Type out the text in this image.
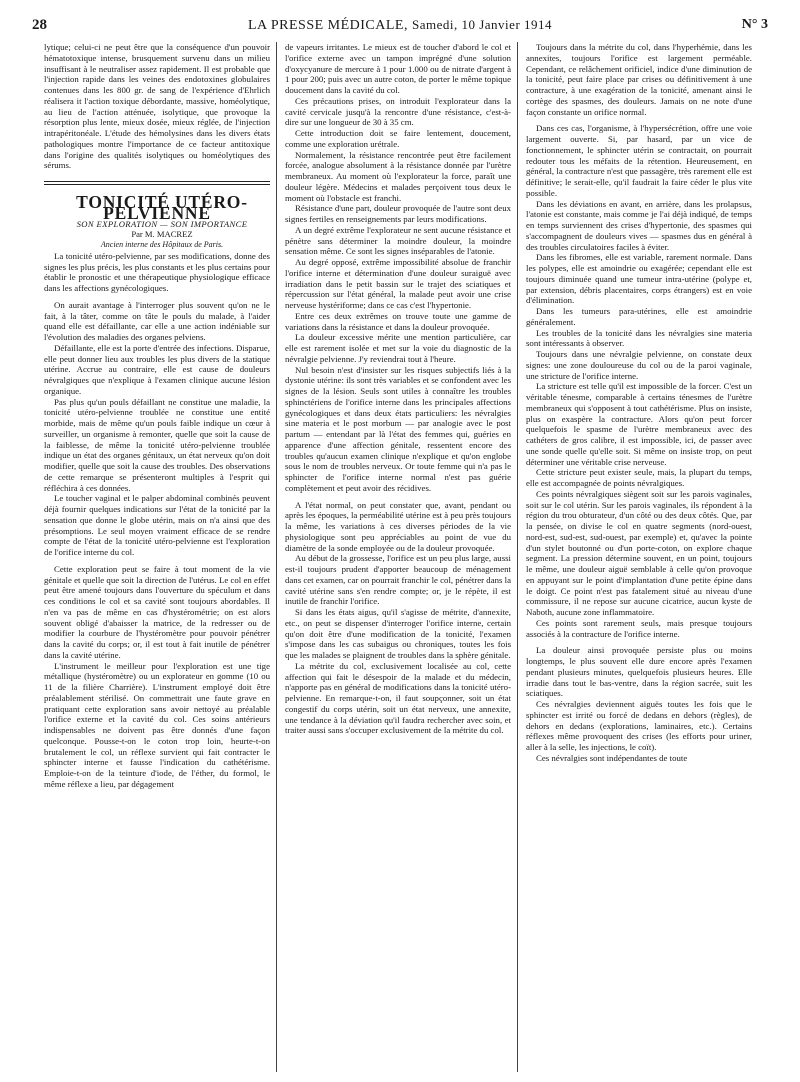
28	LA PRESSE MÉDICALE, Samedi, 10 Janvier 1914	N° 3

lytique; celui-ci ne peut être que la conséquence d'un pouvoir hématotoxique intense, brusquement survenu dans un milieu insuffisant à le neutraliser assez rapidement. Il est probable que l'injection rapide dans les veines des endotoxines globulaires contenues dans les 800 gr. de sang de l'expérience d'Ehrlich réalisera it l'action toxique débordante, massive, homéolytique, au lieu de l'action atténuée, isolytique, que provoque la résorption plus lente, mieux dosée, mieux réglée, de l'injection intrapéritonéale. L'étude des hémolysines dans les divers états pathologiques montre l'importance de ce facteur antitoxique dans l'origine des qualités isolytiques ou homéolytiques des sérums.

TONICITÉ UTÉRO-PELVIENNE

SON EXPLORATION — SON IMPORTANCE

Par M. MACREZ

Ancien interne des Hôpitaux de Paris.

La tonicité utéro-pelvienne, par ses modifications, donne des signes les plus précis, les plus constants et les plus certains pour établir le pronostic et une thérapeutique physiologique efficace dans les affections gynécologiques.

On aurait avantage à l'interroger plus souvent qu'on ne le fait, à la tâter, comme on tâte le pouls du malade, à l'aider quand elle est défaillante, car elle a une action indéniable sur l'évolution des maladies des organes pelviens.

Défaillante, elle est la porte d'entrée des infections. Disparue, elle peut donner lieu aux troubles les plus divers de la statique utérine. Accrue au contraire, elle est cause de douleurs névralgiques que n'explique à l'examen clinique aucune lésion organique.

Pas plus qu'un pouls défaillant ne constitue une maladie, la tonicité utéro-pelvienne troublée ne constitue une entité morbide, mais de même qu'un pouls faible indique un cœur à surveiller, un organisme à remonter, quelle que soit la cause de la faiblesse, de même la tonicité utéro-pelvienne troublée indique un état des organes génitaux, un état nerveux qu'on doit modifier, quelle que soit la cause des troubles. Des observations de cette remarque se présenteront multiples à l'esprit qui réfléchira à ces données.

Le toucher vaginal et le palper abdominal combinés peuvent déjà fournir quelques indications sur l'état de la tonicité par la sensation que donne le globe utérin, mais on n'a ainsi que des présomptions. Le seul moyen vraiment efficace de se rendre compte de l'état de la tonicité utéro-pelvienne est l'exploration de l'orifice interne du col.

Cette exploration peut se faire à tout moment de la vie génitale et quelle que soit la direction de l'utérus. Le col en effet peut être amené toujours dans l'ouverture du spéculum et dans ces conditions le col et sa cavité sont toujours abordables. Il n'en va pas de même en cas d'hystérométrie; on est alors souvent obligé d'abaisser la matrice, de la redresser ou de modifier la courbure de l'hystéromètre pour pouvoir pénétrer dans la cavité du corps; or, il est tout à fait inutile de pénétrer dans la cavité utérine.

L'instrument le meilleur pour l'exploration est une tige métallique (hystéromètre) ou un explorateur en gomme (10 ou 11 de la filière Charrière). L'instrument employé doit être préalablement stérilisé. On commettrait une faute grave en pratiquant cette exploration sans avoir nettoyé au préalable l'orifice externe et la cavité du col. Ces soins antérieurs indispensables ne doivent pas être donnés d'une façon quelconque. Pousse-t-on le coton trop loin, heurte-t-on brutalement le col, un réflexe survient qui fait contracter le sphincter interne et fausse l'indication du cathétérisme. Emploie-t-on de la teinture d'iode, de l'éther, du formol, le même réflexe a lieu, par dégagement

de vapeurs irritantes. Le mieux est de toucher d'abord le col et l'orifice externe avec un tampon imprégné d'une solution d'oxycyanure de mercure à 1 pour 1.000 ou de nitrate d'argent à 1 pour 200; puis avec un autre coton, de porter le même topique doucement dans la cavité du col.

Ces précautions prises, on introduit l'explorateur dans la cavité cervicale jusqu'à la rencontre d'une résistance, c'est-à-dire sur une longueur de 30 à 35 cm.

Cette introduction doit se faire lentement, doucement, comme une exploration urétrale.

Normalement, la résistance rencontrée peut être facilement forcée, analogue absolument à la résistance donnée par l'urètre membraneux. Au moment où l'explorateur la force, paraît une douleur légère. Médecins et malades perçoivent tous deux le moment où l'obstacle est franchi.

Résistance d'une part, douleur provoquée de l'autre sont deux signes fertiles en renseignements par leurs modifications.

A un degré extrême l'explorateur ne sent aucune résistance et pénètre sans déterminer la moindre douleur, la moindre sensation même. Ce sont les signes inséparables de l'atonie.

Au degré opposé, extrême impossibilité absolue de franchir l'orifice interne et détermination d'une douleur suraiguë avec irradiation dans le petit bassin sur le trajet des sciatiques et répercussion sur l'état général, la malade peut avoir une crise nerveuse hystériforme; dans ce cas c'est l'hypertonie.

Entre ces deux extrêmes on trouve toute une gamme de variations dans la résistance et dans la douleur provoquée.

La douleur excessive mérite une mention particulière, car elle est rarement isolée et met sur la voie du diagnostic de la névralgie pelvienne. J'y reviendrai tout à l'heure.

Nul besoin n'est d'insister sur les risques subjectifs liés à la dystonie utérine: ils sont très variables et se confondent avec les signes de la lésion. Seuls sont utiles à connaître les troubles sphinctériens de l'orifice interne dans les principales affections gynécologiques et dans deux états particuliers: les névralgies sine materia et le post morbum — par analogie avec le post partum — entendant par là l'état des femmes qui, guéries en apparence d'une affection génitale, ressentent encore des troubles qu'aucun examen clinique n'explique et qu'on englobe sous le nom de troubles nerveux. Or toute femme qui n'a pas le sphincter de l'orifice interne normal n'est pas guérie complètement et peut avoir des récidives.

A l'état normal, on peut constater que, avant, pendant ou après les époques, la perméabilité utérine est à peu près toujours la même, les variations à ces diverses périodes de la vie physiologique sont peu appréciables au point de vue du diamètre de la sonde employée ou de la douleur provoquée.

Au début de la grossesse, l'orifice est un peu plus large, aussi est-il toujours prudent d'apporter beaucoup de ménagement dans cet examen, car on pourrait franchir le col, pénétrer dans la cavité utérine sans s'en rendre compte; or, je le répète, il est inutile de franchir l'orifice.

Si dans les états aigus, qu'il s'agisse de métrite, d'annexite, etc., on peut se dispenser d'interroger l'orifice interne, certain qu'on doit être d'une modification de la tonicité, l'examen s'impose dans les cas subaigus ou chroniques, toutes les fois que les malades se plaignent de troubles dans la sphère génitale.

La métrite du col, exclusivement localisée au col, cette affection qui fait le désespoir de la malade et du médecin, n'apporte pas en général de modifications dans la tonicité utéro-pelvienne. En remarque-t-on, il faut soupçonner, soit un état congestif du corps utérin, soit un état nerveux, une annexite, une tendance à la déviation qu'il faudra rechercher avec soin, et traiter aussi sans s'occuper exclusivement de la métrite du col.

Toujours dans la métrite du col, dans l'hyperhémie, dans les annexites, toujours l'orifice est largement perméable. Cependant, ce relâchement orificiel, indice d'une diminution de la tonicité, peut faire place par crises ou définitivement à une contracture, à une exagération de la tonicité, amenant ainsi le cortège des spasmes, des douleurs. Jamais on ne note d'une façon constante un orifice normal.

Dans ces cas, l'organisme, à l'hypersécrétion, offre une voie largement ouverte. Si, par hasard, par un vice de fonctionnement, le sphincter utérin se contractait, on pourrait redouter tous les méfaits de la rétention. Heureusement, en général, la contracture n'est que passagère, très rarement elle est définitive; le serait-elle, qu'il faudrait la faire céder le plus vite possible.

Dans les déviations en avant, en arrière, dans les prolapsus, l'atonie est constante, mais comme je l'ai déjà indiqué, de temps en temps surviennent des crises d'hypertonie, des spasmes qui s'accompagnent de douleurs vives — spasmes dus en général à des troubles circulatoires faciles à éviter.

Dans les fibromes, elle est variable, rarement normale. Dans les polypes, elle est amoindrie ou exagérée; cependant elle est toujours diminuée quand une tumeur intra-utérine (polype et, par extension, débris placentaires, corps étrangers) est en voie d'élimination.

Dans les tumeurs para-utérines, elle est amoindrie généralement.

Les troubles de la tonicité dans les névralgies sine materia sont intéressants à observer.

Toujours dans une névralgie pelvienne, on constate deux signes: une zone douloureuse du col ou de la paroi vaginale, une stricture de l'orifice interne.

La stricture est telle qu'il est impossible de la forcer. C'est un véritable ténesme, comparable à certains ténesmes de l'urètre membraneux qui s'opposent à tout cathétérisme. Plus on insiste, plus on exaspère la contracture. Alors qu'on peut forcer quelquefois le spasme de l'urètre membraneux avec des cathéters de gros calibre, il est impossible, ici, de passer avec une sonde quelle qu'elle soit. Si même on insiste trop, on peut déterminer une véritable crise nerveuse.

Cette stricture peut exister seule, mais, la plupart du temps, elle est accompagnée de points névralgiques.

Ces points névralgiques siègent soit sur les parois vaginales, soit sur le col utérin. Sur les parois vaginales, ils répondent à la région du trou obturateur, d'un côté ou des deux côtés. Que, par la pensée, on divise le col en quatre segments (nord-ouest, nord-est, sud-est, sud-ouest, par exemple) et, qu'avec la pointe d'un stylet boutonné ou d'un porte-coton, on explore chaque segment. La pression détermine souvent, en un point, toujours le même, une douleur aiguë semblable à celle qu'on provoque en appuyant sur le point d'implantation d'une petite épine dans le doigt. Ce point n'est pas fatalement situé au niveau d'une commissure, il ne repose sur aucune cicatrice, aucun kyste de Naboth, aucune zone inflammatoire.

Ces points sont rarement seuls, mais presque toujours associés à la contracture de l'orifice interne.

La douleur ainsi provoquée persiste plus ou moins longtemps, le plus souvent elle dure encore après l'examen pendant plusieurs minutes, quelquefois plusieurs heures. Elle irradie dans tout le bas-ventre, dans la région sacrée, suit les sciatiques.

Ces névralgies deviennent aiguës toutes les fois que le sphincter est irrité ou forcé de dedans en dehors (règles), de dehors en dedans (explorations, laminaires, etc.). Certains réflexes même provoquent des crises (les efforts pour uriner, aller à la selle, les injections, le coït).

Ces névralgies sont indépendantes de toute
